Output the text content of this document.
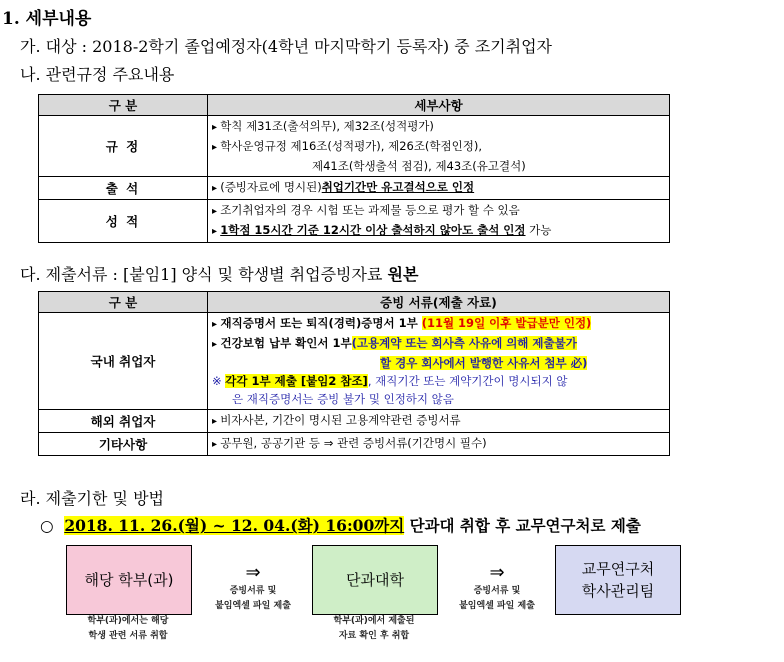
1. 세부내용
가. 대상 : 2018-2학기 졸업예정자(4학년 마지막학기 등록자) 중 조기취업자
나. 관련규정 주요내용
구 분	세부사항
규 정	▸ 학칙 제31조(출석의무), 제32조(성적평가)
▸ 학사운영규정 제16조(성적평가), 제26조(학점인정),
제41조(학생출석 점검), 제43조(유고결석)

출 석	▸ (증빙자료에 명시된)취업기간만 유고결석으로 인정

성 적	▸ 조기취업자의 경우 시험 또는 과제물 등으로 평가 할 수 있음
▸ 1학점 15시간 기준 12시간 이상 출석하지 않아도 출석 인정 가능
다. 제출서류 : [붙임1] 양식 및 학생별 취업증빙자료 원본
구 분	증빙 서류(제출 자료)
국내 취업자	▸ 재직증명서 또는 퇴직(경력)증명서 1부 (11월 19일 이후 발급분만 인정)
▸ 건강보험 납부 확인서 1부(고용계약 또는 회사측 사유에 의해 제출불가
할 경우 회사에서 발행한 사유서 첨부 必)
※ 각각 1부 제출 [붙임2 참조], 재직기간 또는 계약기간이 명시되지 않
은 재직증명서는 증빙 불가 및 인정하지 않음

해외 취업자	▸ 비자사본, 기간이 명시된 고용계약관련 증빙서류

기타사항	▸ 공무원, 공공기관 등 ⇒ 관련 증빙서류(기간명시 필수)
라. 제출기한 및 방법
○ 2018. 11. 26.(월) ~ 12. 04.(화) 16:00까지 단과대 취합 후 교무연구처로 제출
해당 학부(과)
학부(과)에서는 해당
학생 관련 서류 취합
⇒
증빙서류 및
붙임엑셀 파일 제출
단과대학
학부(과)에서 제출된
자료 확인 후 취합
⇒
증빙서류 및
붙임엑셀 파일 제출
교무연구처
학사관리팀
